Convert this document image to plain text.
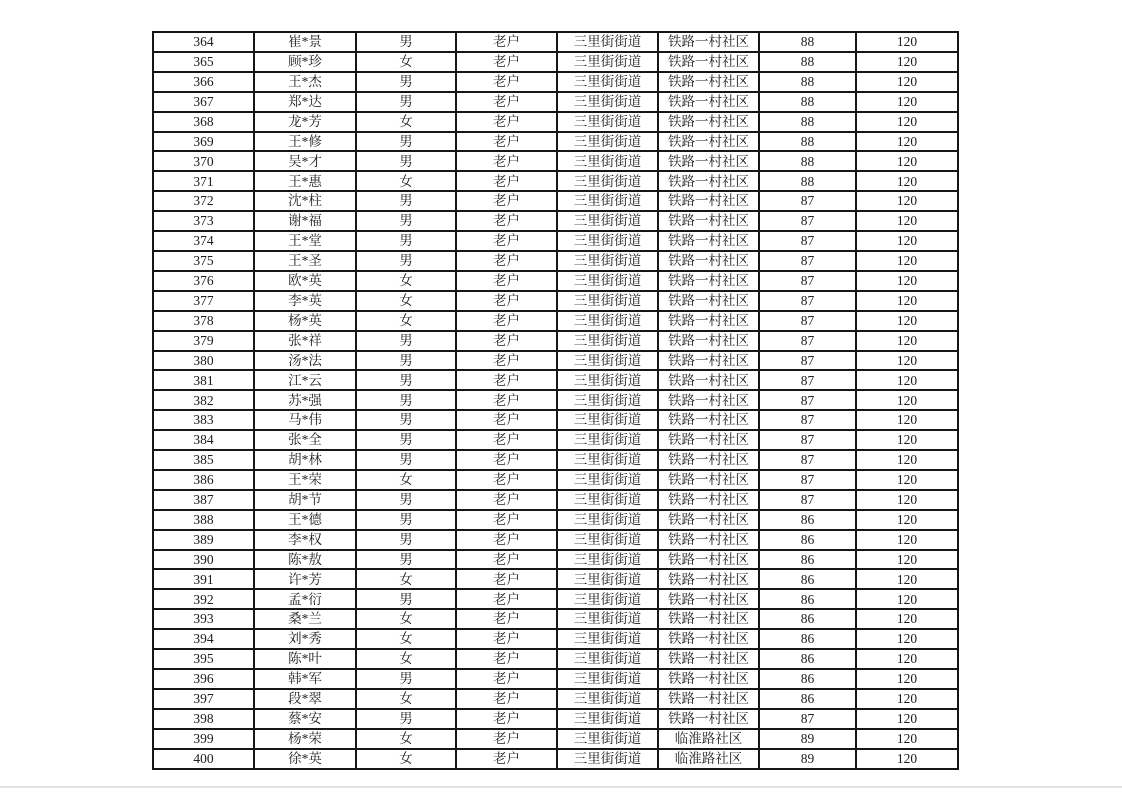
364	崔*景	男	老户	三里街街道	铁路一村社区	88	120
365	顾*珍	女	老户	三里街街道	铁路一村社区	88	120
366	王*杰	男	老户	三里街街道	铁路一村社区	88	120
367	郑*达	男	老户	三里街街道	铁路一村社区	88	120
368	龙*芳	女	老户	三里街街道	铁路一村社区	88	120
369	王*修	男	老户	三里街街道	铁路一村社区	88	120
370	吴*才	男	老户	三里街街道	铁路一村社区	88	120
371	王*惠	女	老户	三里街街道	铁路一村社区	88	120
372	沈*柱	男	老户	三里街街道	铁路一村社区	87	120
373	谢*福	男	老户	三里街街道	铁路一村社区	87	120
374	王*堂	男	老户	三里街街道	铁路一村社区	87	120
375	王*圣	男	老户	三里街街道	铁路一村社区	87	120
376	欧*英	女	老户	三里街街道	铁路一村社区	87	120
377	李*英	女	老户	三里街街道	铁路一村社区	87	120
378	杨*英	女	老户	三里街街道	铁路一村社区	87	120
379	张*祥	男	老户	三里街街道	铁路一村社区	87	120
380	汤*法	男	老户	三里街街道	铁路一村社区	87	120
381	江*云	男	老户	三里街街道	铁路一村社区	87	120
382	苏*强	男	老户	三里街街道	铁路一村社区	87	120
383	马*伟	男	老户	三里街街道	铁路一村社区	87	120
384	张*全	男	老户	三里街街道	铁路一村社区	87	120
385	胡*林	男	老户	三里街街道	铁路一村社区	87	120
386	王*荣	女	老户	三里街街道	铁路一村社区	87	120
387	胡*节	男	老户	三里街街道	铁路一村社区	87	120
388	王*德	男	老户	三里街街道	铁路一村社区	86	120
389	李*权	男	老户	三里街街道	铁路一村社区	86	120
390	陈*敖	男	老户	三里街街道	铁路一村社区	86	120
391	许*芳	女	老户	三里街街道	铁路一村社区	86	120
392	孟*衍	男	老户	三里街街道	铁路一村社区	86	120
393	桑*兰	女	老户	三里街街道	铁路一村社区	86	120
394	刘*秀	女	老户	三里街街道	铁路一村社区	86	120
395	陈*叶	女	老户	三里街街道	铁路一村社区	86	120
396	韩*军	男	老户	三里街街道	铁路一村社区	86	120
397	段*翠	女	老户	三里街街道	铁路一村社区	86	120
398	蔡*安	男	老户	三里街街道	铁路一村社区	87	120
399	杨*荣	女	老户	三里街街道	临淮路社区	89	120
400	徐*英	女	老户	三里街街道	临淮路社区	89	120
